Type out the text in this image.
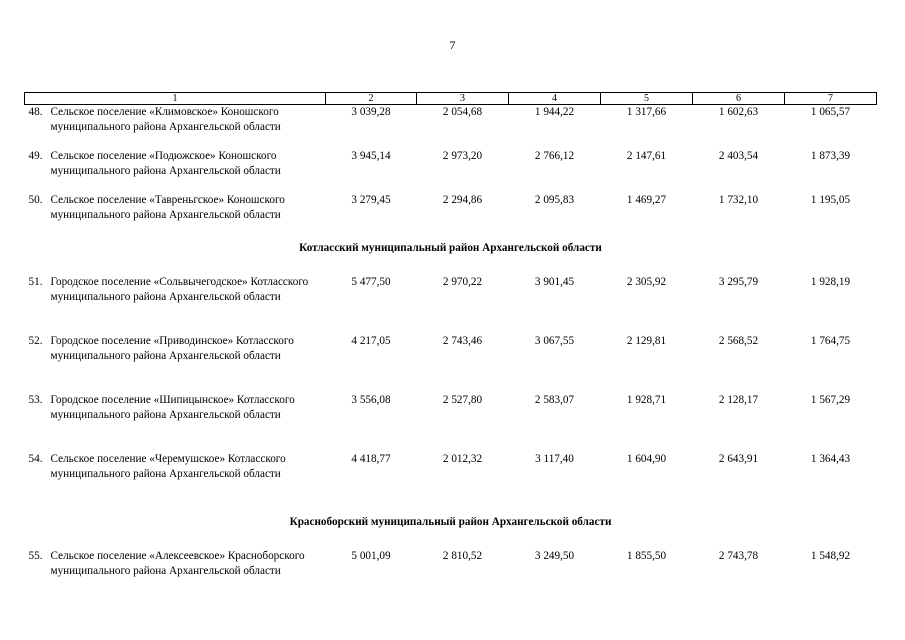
7
1	2	3	4	5	6	7

48. Сельское поселение «Климовское» Коношского муниципального района Архангельской области	3 039,28	2 054,68	1 944,22	1 317,66	1 602,63	1 065,57

49. Сельское поселение «Подюжское» Коношского муниципального района Архангельской области	3 945,14	2 973,20	2 766,12	2 147,61	2 403,54	1 873,39

50. Сельское поселение «Тавреньгское» Коношского муниципального района Архангельской области	3 279,45	2 294,86	2 095,83	1 469,27	1 732,10	1 195,05
Котласский муниципальный район Архангельской области						

51. Городское поселение «Сольвычегодское» Котласского муниципального района Архангельской области	5 477,50	2 970,22	3 901,45	2 305,92	3 295,79	1 928,19

52. Городское поселение «Приводинское» Котласского муниципального района Архангельской области	4 217,05	2 743,46	3 067,55	2 129,81	2 568,52	1 764,75

53. Городское поселение «Шипицынское» Котласского муниципального района Архангельской области	3 556,08	2 527,80	2 583,07	1 928,71	2 128,17	1 567,29

54. Сельское поселение «Черемушское» Котласского муниципального района Архангельской области	4 418,77	2 012,32	3 117,40	1 604,90	2 643,91	1 364,43
Красноборский муниципальный район Архангельской области						

55. Сельское поселение «Алексеевское» Красноборского муниципального района Архангельской области	5 001,09	2 810,52	3 249,50	1 855,50	2 743,78	1 548,92
